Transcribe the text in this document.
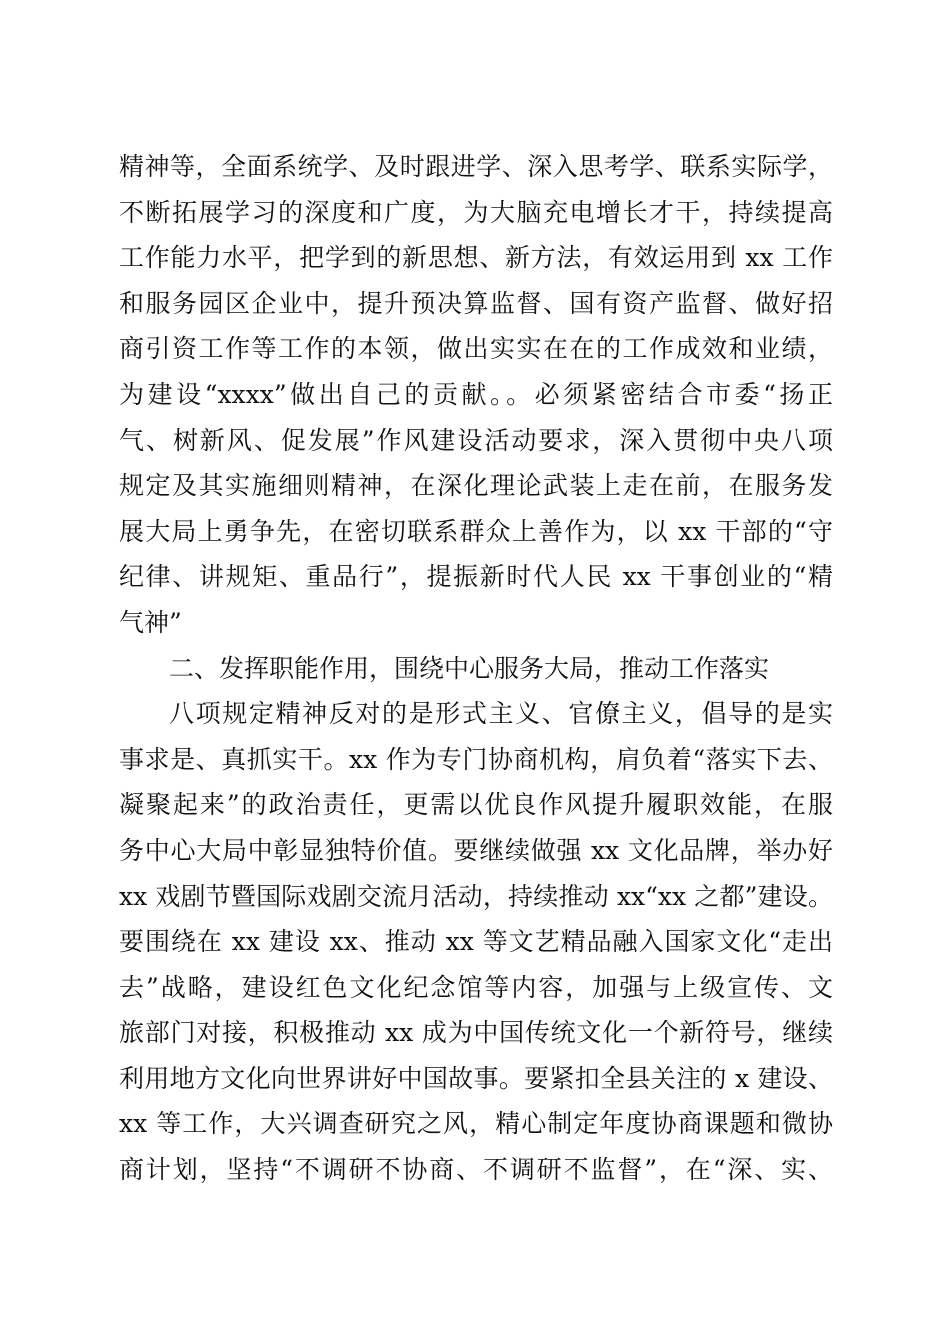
精神等，全面系统学、及时跟进学、深入思考学、联系实际学，
不断拓展学习的深度和广度，为大脑充电增长才干，持续提高
工作能力水平，把学到的新思想、新方法，有效运用到 xx 工作
和服务园区企业中，提升预决算监督、国有资产监督、做好招
商引资工作等工作的本领，做出实实在在的工作成效和业绩，
为建设“xxxx”做出自己的贡献。。必须紧密结合市委“扬正
气、树新风、促发展”作风建设活动要求，深入贯彻中央八项
规定及其实施细则精神，在深化理论武装上走在前，在服务发
展大局上勇争先，在密切联系群众上善作为，以 xx 干部的“守
纪律、讲规矩、重品行”，提振新时代人民 xx 干事创业的“精
气神”
二、发挥职能作用，围绕中心服务大局，推动工作落实
八项规定精神反对的是形式主义、官僚主义，倡导的是实
事求是、真抓实干。xx 作为专门协商机构，肩负着“落实下去、
凝聚起来”的政治责任，更需以优良作风提升履职效能，在服
务中心大局中彰显独特价值。要继续做强 xx 文化品牌，举办好
xx 戏剧节暨国际戏剧交流月活动，持续推动 xx“xx 之都”建设。
要围绕在 xx 建设 xx、推动 xx 等文艺精品融入国家文化“走出
去”战略，建设红色文化纪念馆等内容，加强与上级宣传、文
旅部门对接，积极推动 xx 成为中国传统文化一个新符号，继续
利用地方文化向世界讲好中国故事。要紧扣全县关注的 x 建设、
xx 等工作，大兴调查研究之风，精心制定年度协商课题和微协
商计划，坚持“不调研不协商、不调研不监督”，在“深、实、
